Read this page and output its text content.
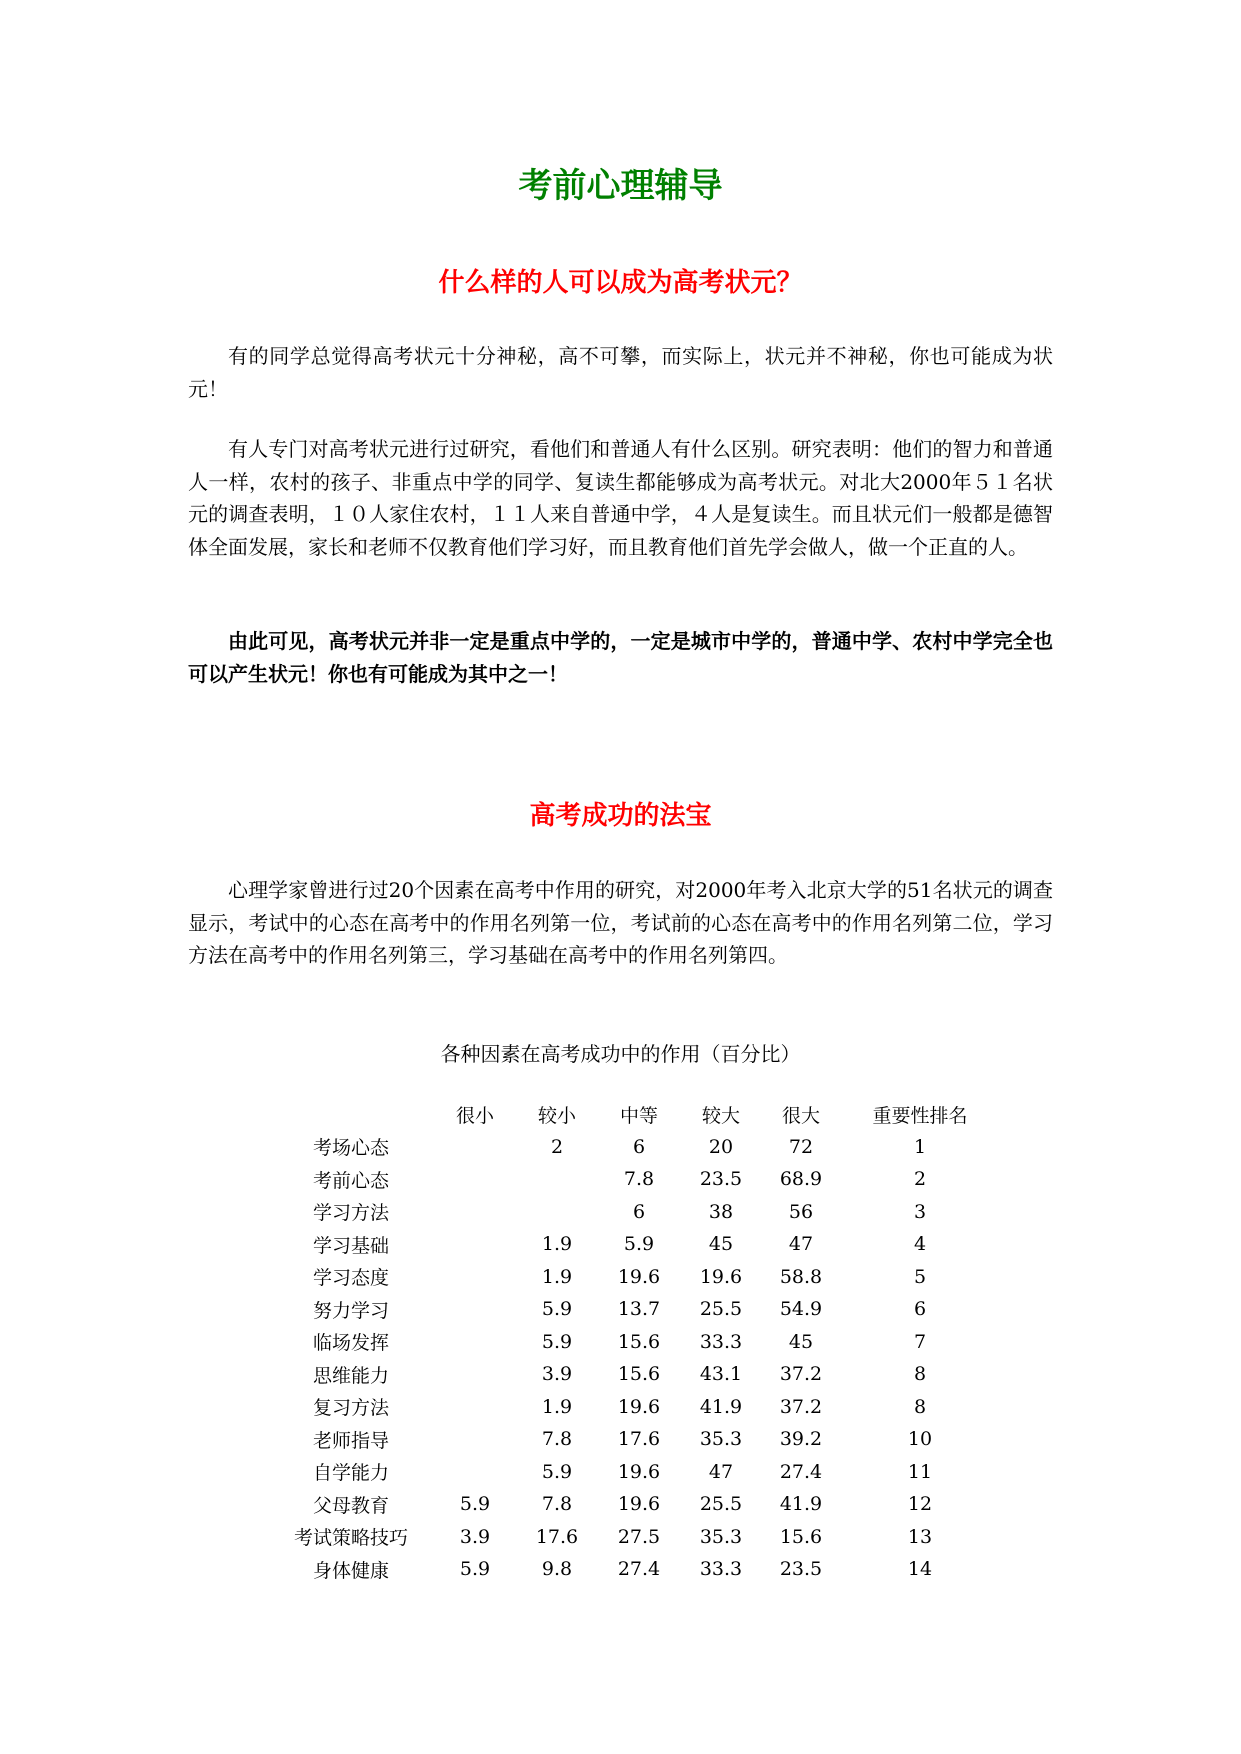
考前心理辅导
什么样的人可以成为高考状元？

有的同学总觉得高考状元十分神秘，高不可攀，而实际上，状元并不神秘，你也可能成为状元！

有人专门对高考状元进行过研究，看他们和普通人有什么区别。研究表明：他们的智力和普通人一样，农村的孩子、非重点中学的同学、复读生都能够成为高考状元。对北大2000年５１名状元的调查表明，１０人家住农村，１１人来自普通中学，４人是复读生。而且状元们一般都是德智体全面发展，家长和老师不仅教育他们学习好，而且教育他们首先学会做人，做一个正直的人。

由此可见，高考状元并非一定是重点中学的，一定是城市中学的，普通中学、农村中学完全也可以产生状元！你也有可能成为其中之一！

高考成功的法宝

心理学家曾进行过20个因素在高考中作用的研究，对2000年考入北京大学的51名状元的调查显示，考试中的心态在高考中的作用名列第一位，考试前的心态在高考中的作用名列第二位，学习方法在高考中的作用名列第三，学习基础在高考中的作用名列第四。

各种因素在高考成功中的作用（百分比）
	很小	较小	中等	较大	很大	重要性排名
考场心态		2	6	20	72	1
考前心态			7.8	23.5	68.9	2
学习方法			6	38	56	3
学习基础		1.9	5.9	45	47	4
学习态度		1.9	19.6	19.6	58.8	5
努力学习		5.9	13.7	25.5	54.9	6
临场发挥		5.9	15.6	33.3	45	7
思维能力		3.9	15.6	43.1	37.2	8
复习方法		1.9	19.6	41.9	37.2	8
老师指导		7.8	17.6	35.3	39.2	10
自学能力		5.9	19.6	47	27.4	11
父母教育	5.9	7.8	19.6	25.5	41.9	12
考试策略技巧	3.9	17.6	27.5	35.3	15.6	13
身体健康	5.9	9.8	27.4	33.3	23.5	14
